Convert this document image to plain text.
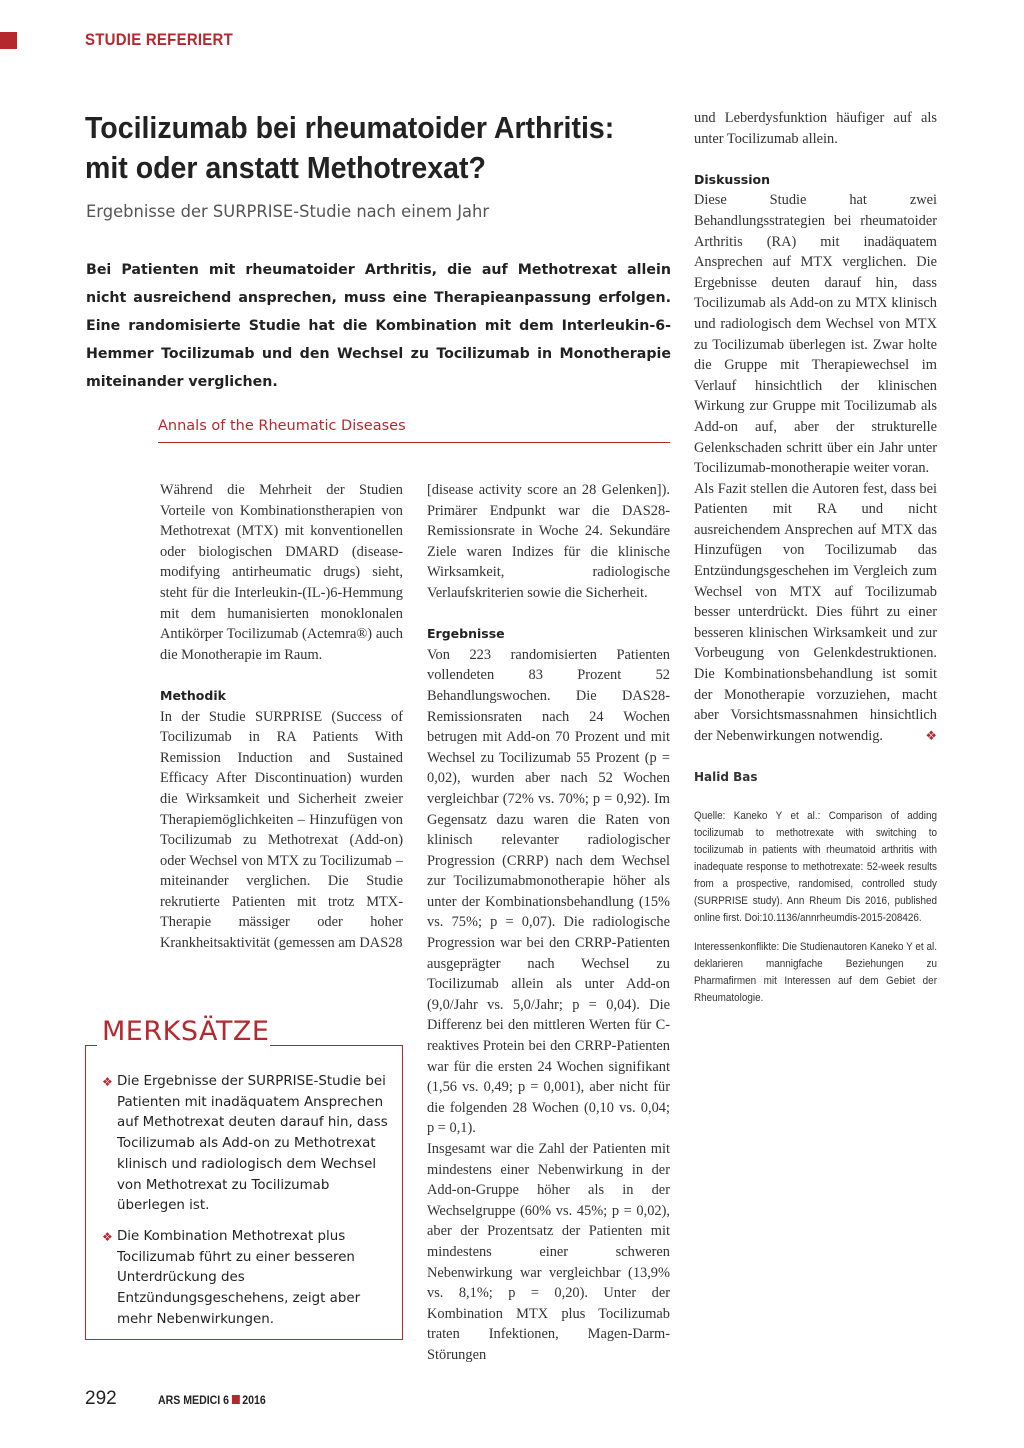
STUDIE REFERIERT
Tocilizumab bei rheumatoider Arthritis:
mit oder anstatt Methotrexat?
Ergebnisse der SURPRISE-Studie nach einem Jahr
Bei Patienten mit rheumatoider Arthritis, die auf Methotrexat allein nicht ausreichend ansprechen, muss eine Therapieanpassung erfolgen. Eine randomisierte Studie hat die Kombination mit dem Interleukin-6-Hemmer Tocilizumab und den Wechsel zu Tocilizumab in Monotherapie miteinander verglichen.
Annals of the Rheumatic Diseases

Während die Mehrheit der Studien Vorteile von Kombinationstherapien von Methotrexat (MTX) mit konventionellen oder biologischen DMARD (disease-modifying antirheumatic drugs) sieht, steht für die Interleukin-(IL-)6-Hemmung mit dem humanisierten monoklonalen Antikörper Tocilizumab (Actemra®) auch die Monotherapie im Raum.

Methodik

In der Studie SURPRISE (Success of Tocilizumab in RA Patients With Remission Induction and Sustained Efficacy After Discontinuation) wurden die Wirksamkeit und Sicherheit zweier Therapiemöglichkeiten – Hinzufügen von Tocilizumab zu Methotrexat (Add-on) oder Wechsel von MTX zu Tocilizumab – miteinander verglichen. Die Studie rekrutierte Patienten mit trotz MTX-Therapie mässiger oder hoher Krankheitsaktivität (gemessen am DAS28

[disease activity score an 28 Gelenken]). Primärer Endpunkt war die DAS28-Remissionsrate in Woche 24. Sekundäre Ziele waren Indizes für die klinische Wirksamkeit, radiologische Verlaufskriterien sowie die Sicherheit.

Ergebnisse

Von 223 randomisierten Patienten vollendeten 83 Prozent 52 Behandlungswochen. Die DAS28-Remissionsraten nach 24 Wochen betrugen mit Add-on 70 Prozent und mit Wechsel zu Tocilizumab 55 Prozent (p = 0,02), wurden aber nach 52 Wochen vergleichbar (72% vs. 70%; p = 0,92). Im Gegensatz dazu waren die Raten von klinisch relevanter radiologischer Progression (CRRP) nach dem Wechsel zur Tocilizumabmonotherapie höher als unter der Kombinationsbehandlung (15% vs. 75%; p = 0,07). Die radiologische Progression war bei den CRRP-Patienten ausgeprägter nach Wechsel zu Tocilizumab allein als unter Add-on (9,0/Jahr vs. 5,0/Jahr; p = 0,04). Die Differenz bei den mittleren Werten für C-reaktives Protein bei den CRRP-Patienten war für die ersten 24 Wochen signifikant (1,56 vs. 0,49; p = 0,001), aber nicht für die folgenden 28 Wochen (0,10 vs. 0,04; p = 0,1).

Insgesamt war die Zahl der Patienten mit mindestens einer Nebenwirkung in der Add-on-Gruppe höher als in der Wechselgruppe (60% vs. 45%; p = 0,02), aber der Prozentsatz der Patienten mit mindestens einer schweren Nebenwirkung war vergleichbar (13,9% vs. 8,1%; p = 0,20). Unter der Kombination MTX plus Tocilizumab traten Infektionen, Magen-Darm-Störungen

und Leberdysfunktion häufiger auf als unter Tocilizumab allein.

Diskussion

Diese Studie hat zwei Behandlungsstrategien bei rheumatoider Arthritis (RA) mit inadäquatem Ansprechen auf MTX verglichen. Die Ergebnisse deuten darauf hin, dass Tocilizumab als Add-on zu MTX klinisch und radiologisch dem Wechsel von MTX zu Tocilizumab überlegen ist. Zwar holte die Gruppe mit Therapiewechsel im Verlauf hinsichtlich der klinischen Wirkung zur Gruppe mit Tocilizumab als Add-on auf, aber der strukturelle Gelenkschaden schritt über ein Jahr unter Tocilizumab-monotherapie weiter voran.

Als Fazit stellen die Autoren fest, dass bei Patienten mit RA und nicht ausreichendem Ansprechen auf MTX das Hinzufügen von Tocilizumab das Entzündungsgeschehen im Vergleich zum Wechsel von MTX auf Tocilizumab besser unterdrückt. Dies führt zu einer besseren klinischen Wirksamkeit und zur Vorbeugung von Gelenkdestruktionen. Die Kombinationsbehandlung ist somit der Monotherapie vorzuziehen, macht aber Vorsichtsmassnahmen hinsichtlich der Nebenwirkungen notwendig.	❖

Halid Bas
Quelle: Kaneko Y et al.: Comparison of adding tocilizumab to methotrexate with switching to tocilizumab in patients with rheumatoid arthritis with inadequate response to methotrexate: 52-week results from a prospective, randomised, controlled study (SURPRISE study). Ann Rheum Dis 2016, published online first. Doi:10.1136/annrheumdis-2015-208426.
Interessenkonflikte: Die Studienautoren Kaneko Y et al. deklarieren mannigfache Beziehungen zu Pharmafirmen mit Interessen auf dem Gebiet der Rheumatologie.
MERKSÄTZE
❖ Die Ergebnisse der SURPRISE-Studie bei Patienten mit inadäquatem Ansprechen auf Methotrexat deuten darauf hin, dass Tocilizumab als Add-on zu Methotrexat klinisch und radiologisch dem Wechsel von Methotrexat zu Tocilizumab überlegen ist.
❖ Die Kombination Methotrexat plus Tocilizumab führt zu einer besseren Unterdrückung des Entzündungsgeschehens, zeigt aber mehr Nebenwirkungen.
292	ARS MEDICI 6 2016
